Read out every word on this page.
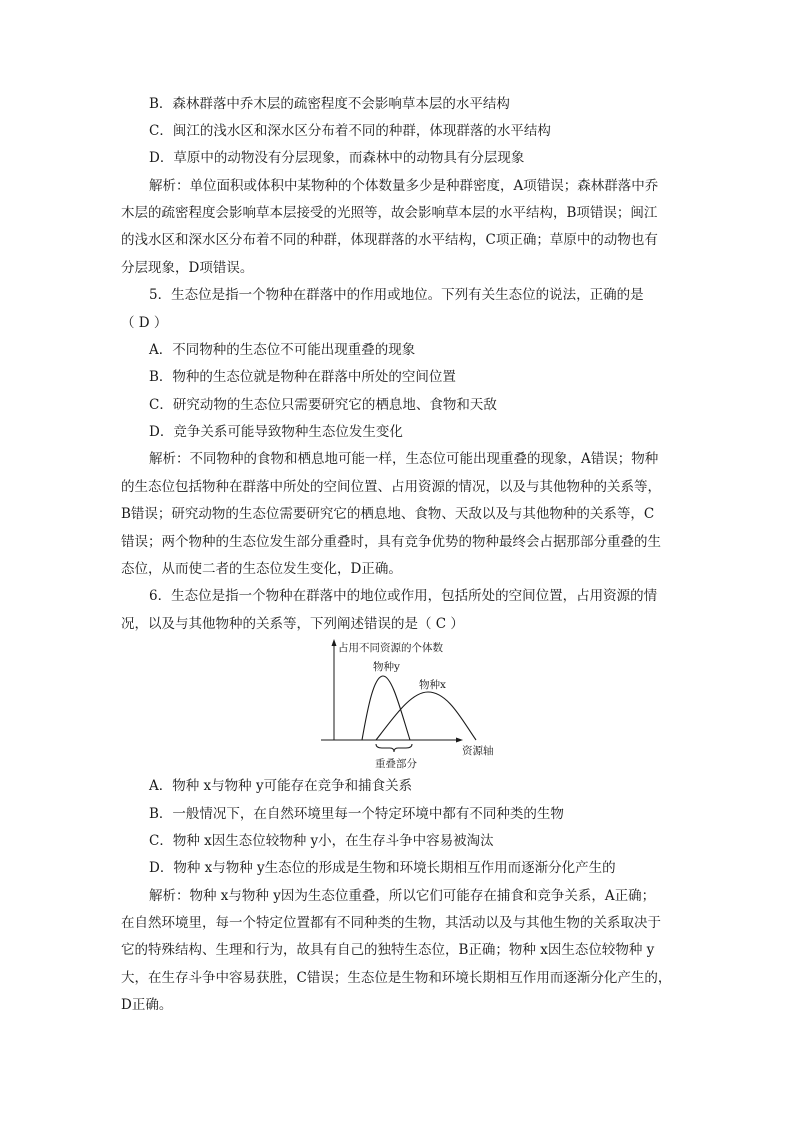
B．森林群落中乔木层的疏密程度不会影响草本层的水平结构
C．闽江的浅水区和深水区分布着不同的种群，体现群落的水平结构
D．草原中的动物没有分层现象，而森林中的动物具有分层现象
解析：单位面积或体积中某物种的个体数量多少是种群密度，A项错误；森林群落中乔
木层的疏密程度会影响草本层接受的光照等，故会影响草本层的水平结构，B项错误；闽江
的浅水区和深水区分布着不同的种群，体现群落的水平结构，C项正确；草原中的动物也有
分层现象，D项错误。
5．生态位是指一个物种在群落中的作用或地位。下列有关生态位的说法，正确的是
（ D ）
A．不同物种的生态位不可能出现重叠的现象
B．物种的生态位就是物种在群落中所处的空间位置
C．研究动物的生态位只需要研究它的栖息地、食物和天敌
D．竞争关系可能导致物种生态位发生变化
解析：不同物种的食物和栖息地可能一样，生态位可能出现重叠的现象，A错误；物种
的生态位包括物种在群落中所处的空间位置、占用资源的情况，以及与其他物种的关系等，
B错误；研究动物的生态位需要研究它的栖息地、食物、天敌以及与其他物种的关系等，C
错误；两个物种的生态位发生部分重叠时，具有竞争优势的物种最终会占据那部分重叠的生
态位，从而使二者的生态位发生变化，D正确。
6．生态位是指一个物种在群落中的地位或作用，包括所处的空间位置，占用资源的情
况，以及与其他物种的关系等，下列阐述错误的是（ C ）
占用不同资源的个体数
物种y
物种x
资源轴
重叠部分
A．物种 x与物种 y可能存在竞争和捕食关系
B．一般情况下，在自然环境里每一个特定环境中都有不同种类的生物
C．物种 x因生态位较物种 y小，在生存斗争中容易被淘汰
D．物种 x与物种 y生态位的形成是生物和环境长期相互作用而逐渐分化产生的
解析：物种 x与物种 y因为生态位重叠，所以它们可能存在捕食和竞争关系，A正确；
在自然环境里，每一个特定位置都有不同种类的生物，其活动以及与其他生物的关系取决于
它的特殊结构、生理和行为，故具有自己的独特生态位，B正确；物种 x因生态位较物种 y
大，在生存斗争中容易获胜，C错误；生态位是生物和环境长期相互作用而逐渐分化产生的，
D正确。
